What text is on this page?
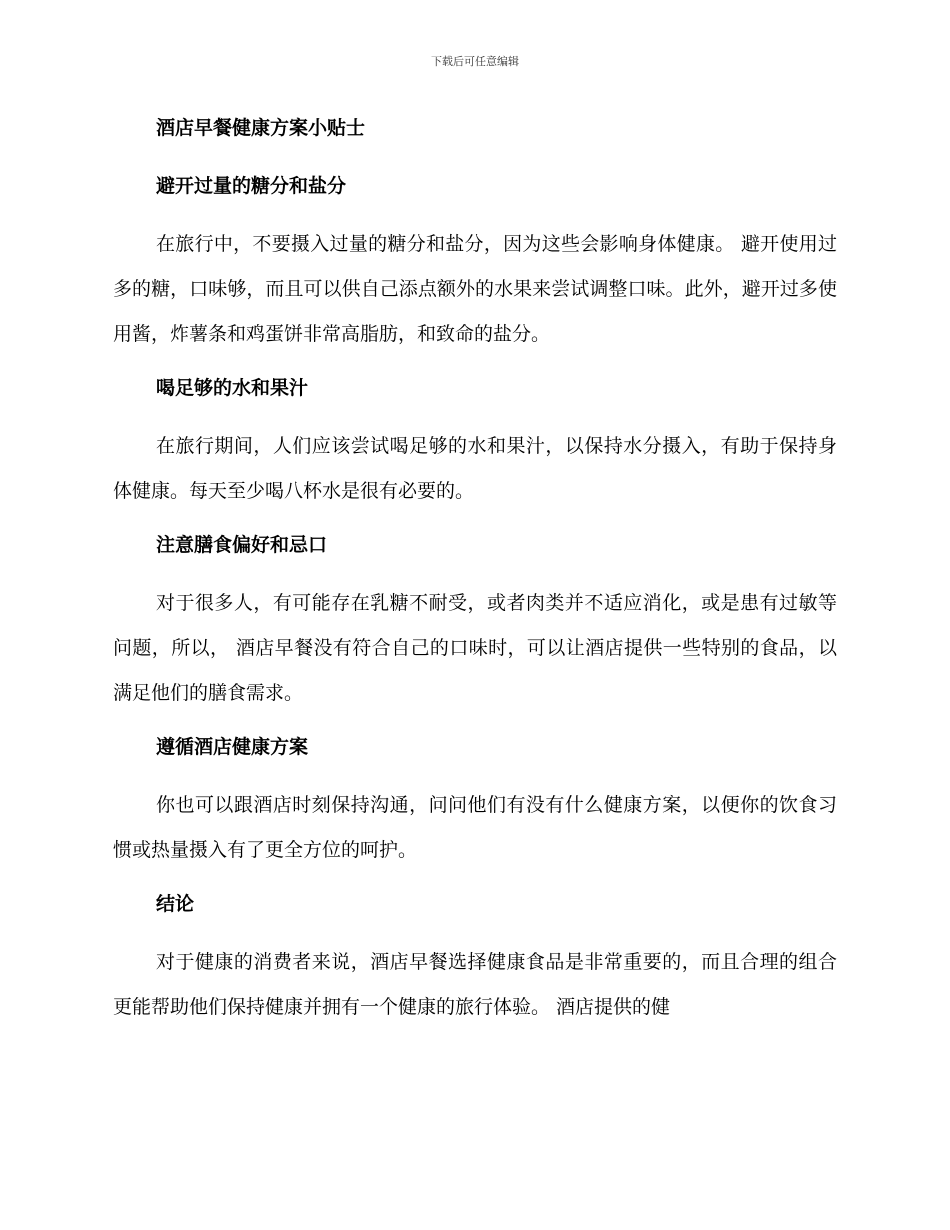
下载后可任意编辑
酒店早餐健康方案小贴士
避开过量的糖分和盐分

在旅行中，不要摄入过量的糖分和盐分，因为这些会影响身体健康。 避开使用过多的糖，口味够，而且可以供自己添点额外的水果来尝试调整口味。此外，避开过多使用酱，炸薯条和鸡蛋饼非常高脂肪，和致命的盐分。

喝足够的水和果汁

在旅行期间，人们应该尝试喝足够的水和果汁，以保持水分摄入，有助于保持身体健康。每天至少喝八杯水是很有必要的。

注意膳食偏好和忌口

对于很多人，有可能存在乳糖不耐受，或者肉类并不适应消化，或是患有过敏等问题，所以， 酒店早餐没有符合自己的口味时，可以让酒店提供一些特别的食品，以满足他们的膳食需求。

遵循酒店健康方案

你也可以跟酒店时刻保持沟通，问问他们有没有什么健康方案，以便你的饮食习惯或热量摄入有了更全方位的呵护。

结论

对于健康的消费者来说，酒店早餐选择健康食品是非常重要的，而且合理的组合更能帮助他们保持健康并拥有一个健康的旅行体验。 酒店提供的健
